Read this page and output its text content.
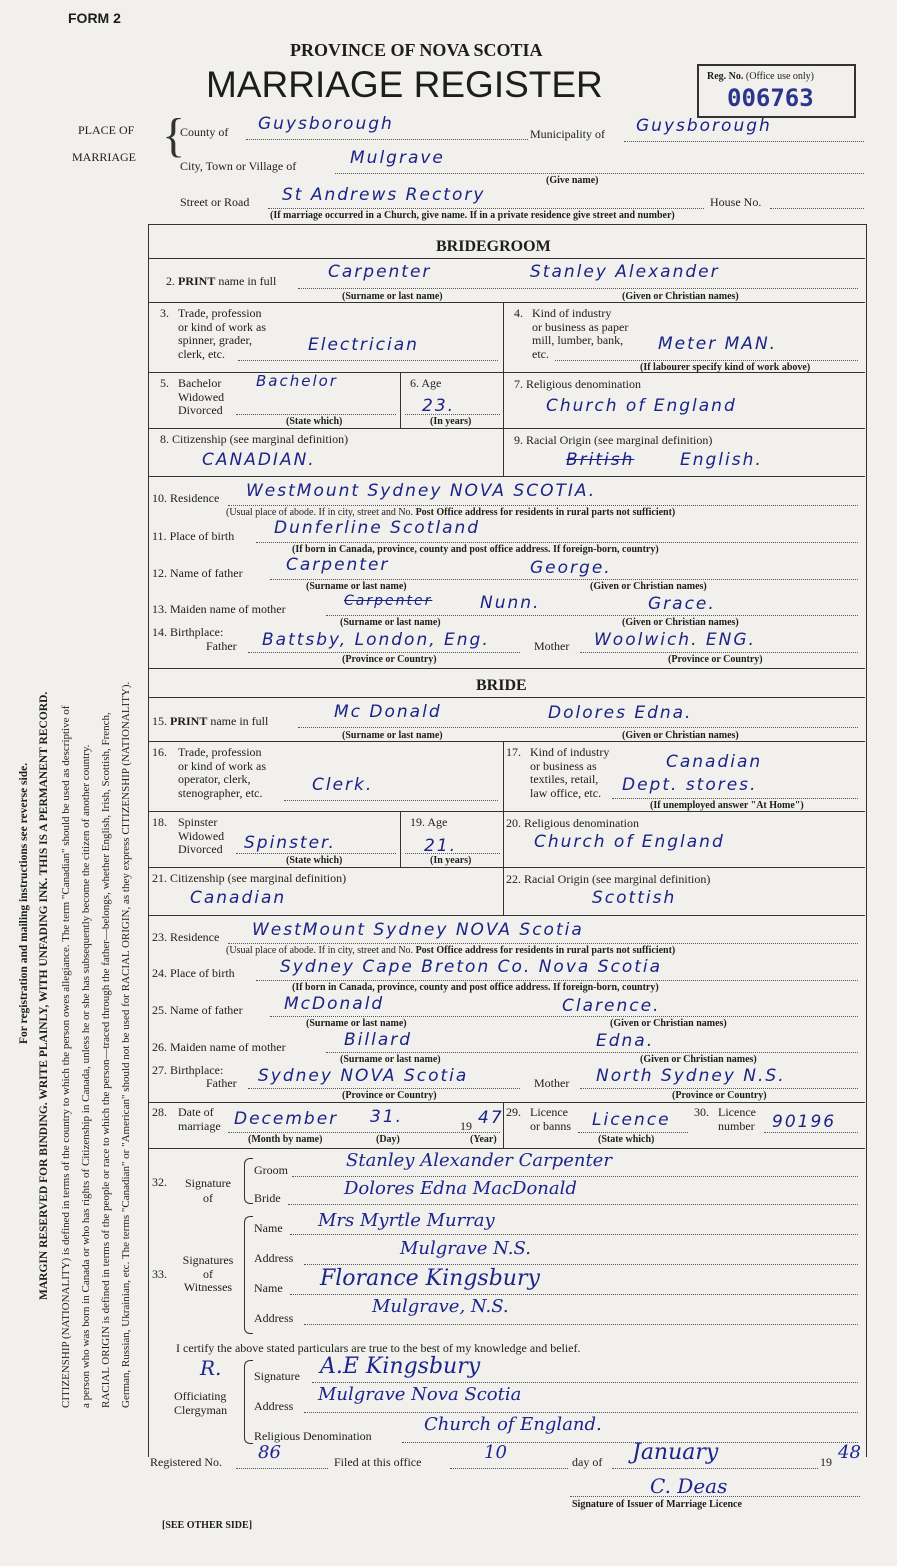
For registration and mailing instructions see reverse side. MARGIN RESERVED FOR BINDING. WRITE PLAINLY, WITH UNFADING INK. THIS IS A PERMANENT RECORD. CITIZENSHIP (NATIONALITY) is defined in terms of the country to which the person owes allegiance. The term "Canadian" should be used as descriptive of a person who was born in Canada or who has rights of Citizenship in Canada, unless he or she has subsequently become the citizen of another country. RACIAL ORIGIN is defined in terms of the people or race to which the person—traced through the father—belongs, whether English, Irish, Scottish, French, German, Russian, Ukrainian, etc. The terms "Canadian" or "American" should not be used for RACIAL ORIGIN, as they express CITIZENSHIP (NATIONALITY).
FORM 2
PROVINCE OF NOVA SCOTIA
MARRIAGE REGISTER	Reg. No. (Office use only)
006763
PLACE OF
MARRIAGE {
County of Guysborough	Municipality of Guysborough
City, Town or Village of	Mulgrave
(Give name)
Street or Road St Andrews Rectory	House No.
(If marriage occurred in a Church, give name. If in a private residence give street and number)
BRIDEGROOM
2. PRINT name in full	Carpenter	Stanley Alexander
(Surname or last name)	(Given or Christian names)
3. Trade, profession
or kind of work as
spinner, grader,
clerk, etc.	Electrician
4. Kind of industry
or business as paper
mill, lumber, bank,
etc.	Meter MAN.
(If labourer specify kind of work above)
5. Bachelor
Widowed
Divorced
Bachelor
(State which)
6. Age
23.
(In years)
7. Religious denomination
Church of England
8. Citizenship (see marginal definition)
CANADIAN.
9. Racial Origin (see marginal definition)
British	English.
10. Residence WestMount Sydney NOVA SCOTIA.
(Usual place of abode. If in city, street and No. Post Office address for residents in rural parts not sufficient)
11. Place of birth Dunferline Scotland
(If born in Canada, province, county and post office address. If foreign-born, country)
12. Name of father	Carpenter	George.
(Surname or last name)	(Given or Christian names)
13. Maiden name of mother	Carpenter	Nunn.	Grace.
(Surname or last name)	(Given or Christian names)
14. Birthplace:
Father Battsby, London, Eng.
(Province or Country)
Mother Woolwich. ENG.
(Province or Country)
BRIDE
15. PRINT name in full	Mc Donald	Dolores Edna.
(Surname or last name)	(Given or Christian names)
16. Trade, profession
or kind of work as
operator, clerk,
stenographer, etc.	Clerk.
17. Kind of industry
or business as
textiles, retail,
law office, etc.
Canadian
Dept. stores.
(If unemployed answer "At Home")
18. Spinster
Widowed
Divorced Spinster.
(State which)
19. Age
21.
(In years)
20. Religious denomination
Church of England
21. Citizenship (see marginal definition)
Canadian
22. Racial Origin (see marginal definition)
Scottish
23. Residence WestMount Sydney NOVA Scotia
(Usual place of abode. If in city, street and No. Post Office address for residents in rural parts not sufficient)
24. Place of birth	Sydney Cape Breton Co. Nova Scotia
(If born in Canada, province, county and post office address. If foreign-born, country)
25. Name of father McDonald	Clarence.
(Surname or last name)	(Given or Christian names)
26. Maiden name of mother	Billard	Edna.
(Surname or last name)	(Given or Christian names)
27. Birthplace:
Father Sydney NOVA Scotia
(Province or Country)
Mother North Sydney N.S.
(Province or Country)
28. Date of
marriage December 31.	19 47
(Month by name)	(Day)	(Year)
29. Licence
or banns Licence
(State which)
30. Licence
number 90196
32.	Signature
of
Groom	Stanley Alexander Carpenter
Bride	Dolores Edna MacDonald
33.
Signatures
of
Witnesses
Name Mrs Myrtle Murray
Address	Mulgrave N.S.
Name Florance Kingsbury
Address
Mulgrave, N.S.
I certify the above stated particulars are true to the best of my knowledge and belief.
R.
Officiating
Clergyman
Signature A.E Kingsbury
Address
Mulgrave Nova Scotia
Religious Denomination
Church of England.
Registered No. 86	Filed at this office	10	day of January	19 48
C. Deas
Signature of Issuer of Marriage Licence
[SEE OTHER SIDE]
